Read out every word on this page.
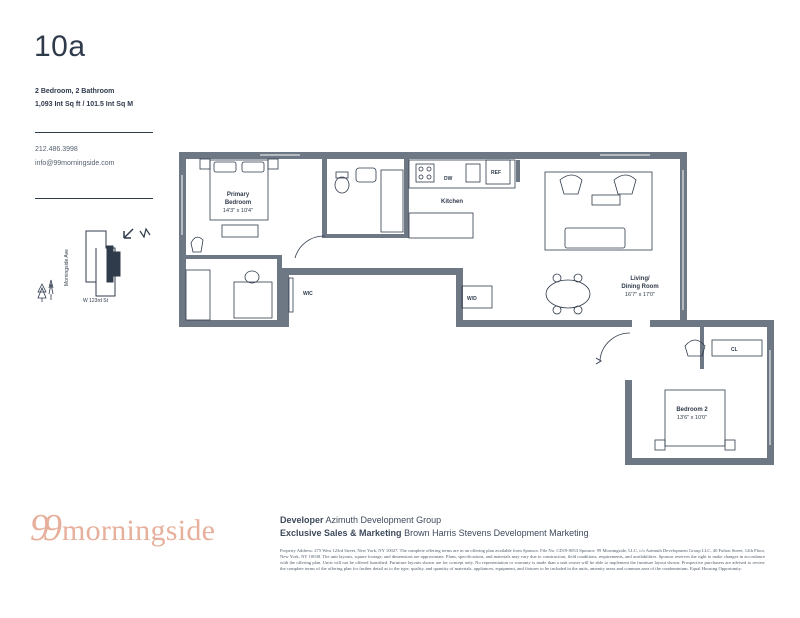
10a
2 Bedroom, 2 Bathroom
1,093 Int Sq ft / 101.5 Int Sq M
212.486.3998
info@99morningside.com
Morningside Ave
W 123rd St
Primary
Bedroom
14'3" x 10'4"
Kitchen
Living/
Dining Room
16'7" x 17'0"
Bedroom 2
13'6" x 10'0"
WIC
W/D
DW
REF
CL
99 morningside	Developer Azimuth Development Group
Exclusive Sales & Marketing Brown Harris Stevens Development Marketing
Property Address: 275 West 123rd Street, New York, NY 10027. The complete offering terms are in an offering plan available from Sponsor. File No. CD19-0053 Sponsor: 99 Morningside, LLC, c/o Azimuth Development Group LLC, 40 Fulton Street, 12th Floor, New York, NY 10038. The unit layouts, square footage, and dimensions are approximate. Plans, specifications, and materials may vary due to construction, field conditions, requirements, and availabilities. Sponsor reserves the right to make changes in accordance with the offering plan. Units will not be offered furnished. Furniture layouts shown are for concept only. No representation or warranty is made than a unit owner will be able to implement the furniture layout shown. Prospective purchasers are advised to review the complete terms of the offering plan for further detail as to the type, quality, and quantity of materials, appliances, equipment, and fixtures to be included in the units, amenity areas and common area of the condominium. Equal Housing Opportunity.
